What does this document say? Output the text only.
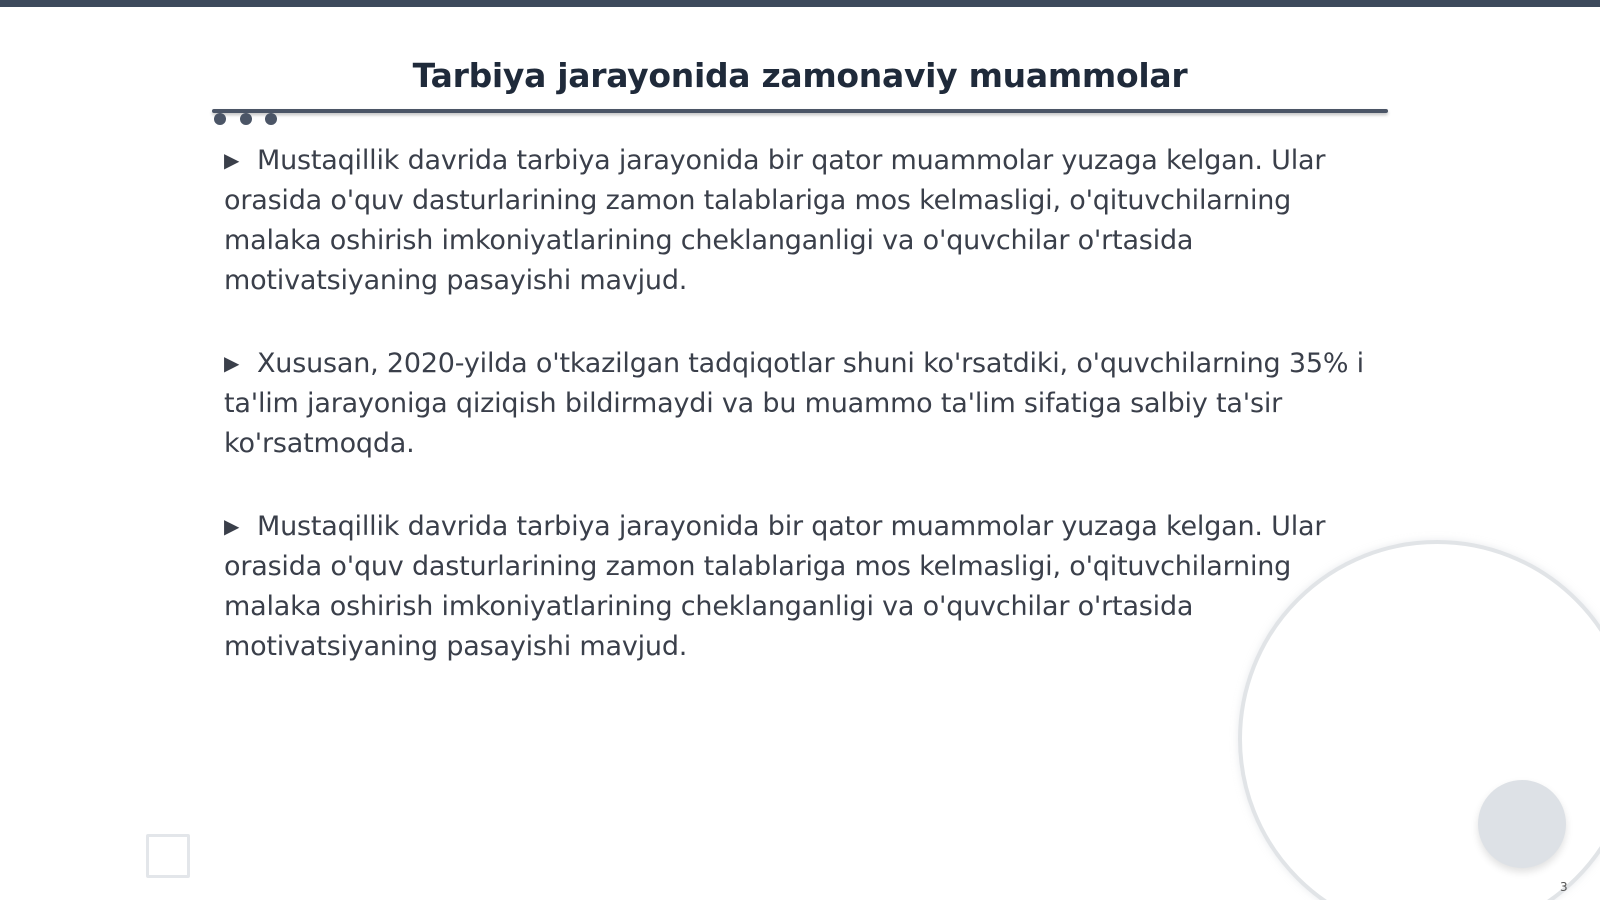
Tarbiya jarayonida zamonaviy muammolar
▶ Mustaqillik davrida tarbiya jarayonida bir qator muammolar yuzaga kelgan. Ular orasida o'quv dasturlarining zamon talablariga mos kelmasligi, o'qituvchilarning malaka oshirish imkoniyatlarining cheklanganligi va o'quvchilar o'rtasida motivatsiyaning pasayishi mavjud.
▶ Xususan, 2020-yilda o'tkazilgan tadqiqotlar shuni ko'rsatdiki, o'quvchilarning 35% i ta'lim jarayoniga qiziqish bildirmaydi va bu muammo ta'lim sifatiga salbiy ta'sir ko'rsatmoqda.
▶ Mustaqillik davrida tarbiya jarayonida bir qator muammolar yuzaga kelgan. Ular orasida o'quv dasturlarining zamon talablariga mos kelmasligi, o'qituvchilarning malaka oshirish imkoniyatlarining cheklanganligi va o'quvchilar o'rtasida motivatsiyaning pasayishi mavjud.
3
